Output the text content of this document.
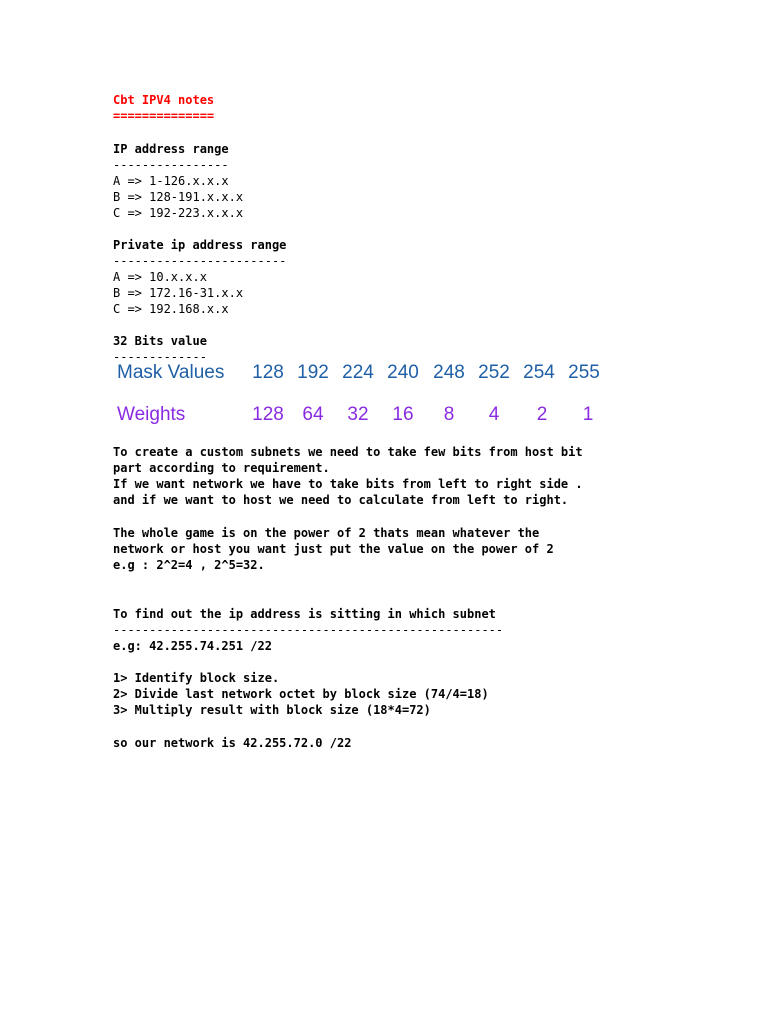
Cbt IPV4 notes
==============
IP address range
----------------
A => 1-126.x.x.x
B => 128-191.x.x.x
C => 192-223.x.x.x
Private ip address range
------------------------
A => 10.x.x.x
B => 172.16-31.x.x
C => 192.168.x.x
32 Bits value
-------------
Mask Values 128 192 224 240 248 252 254 255
Weights	128 64	32	16	8	4	2	1
To create a custom subnets we need to take few bits from host bit
part according to requirement.
If we want network we have to take bits from left to right side .
and if we want to host we need to calculate from left to right.
The whole game is on the power of 2 thats mean whatever the
network or host you want just put the value on the power of 2
e.g : 2^2=4 , 2^5=32.
To find out the ip address is sitting in which subnet
------------------------------------------------------
e.g: 42.255.74.251 /22
1> Identify block size.
2> Divide last network octet by block size (74/4=18)
3> Multiply result with block size (18*4=72)
so our network is 42.255.72.0 /22
